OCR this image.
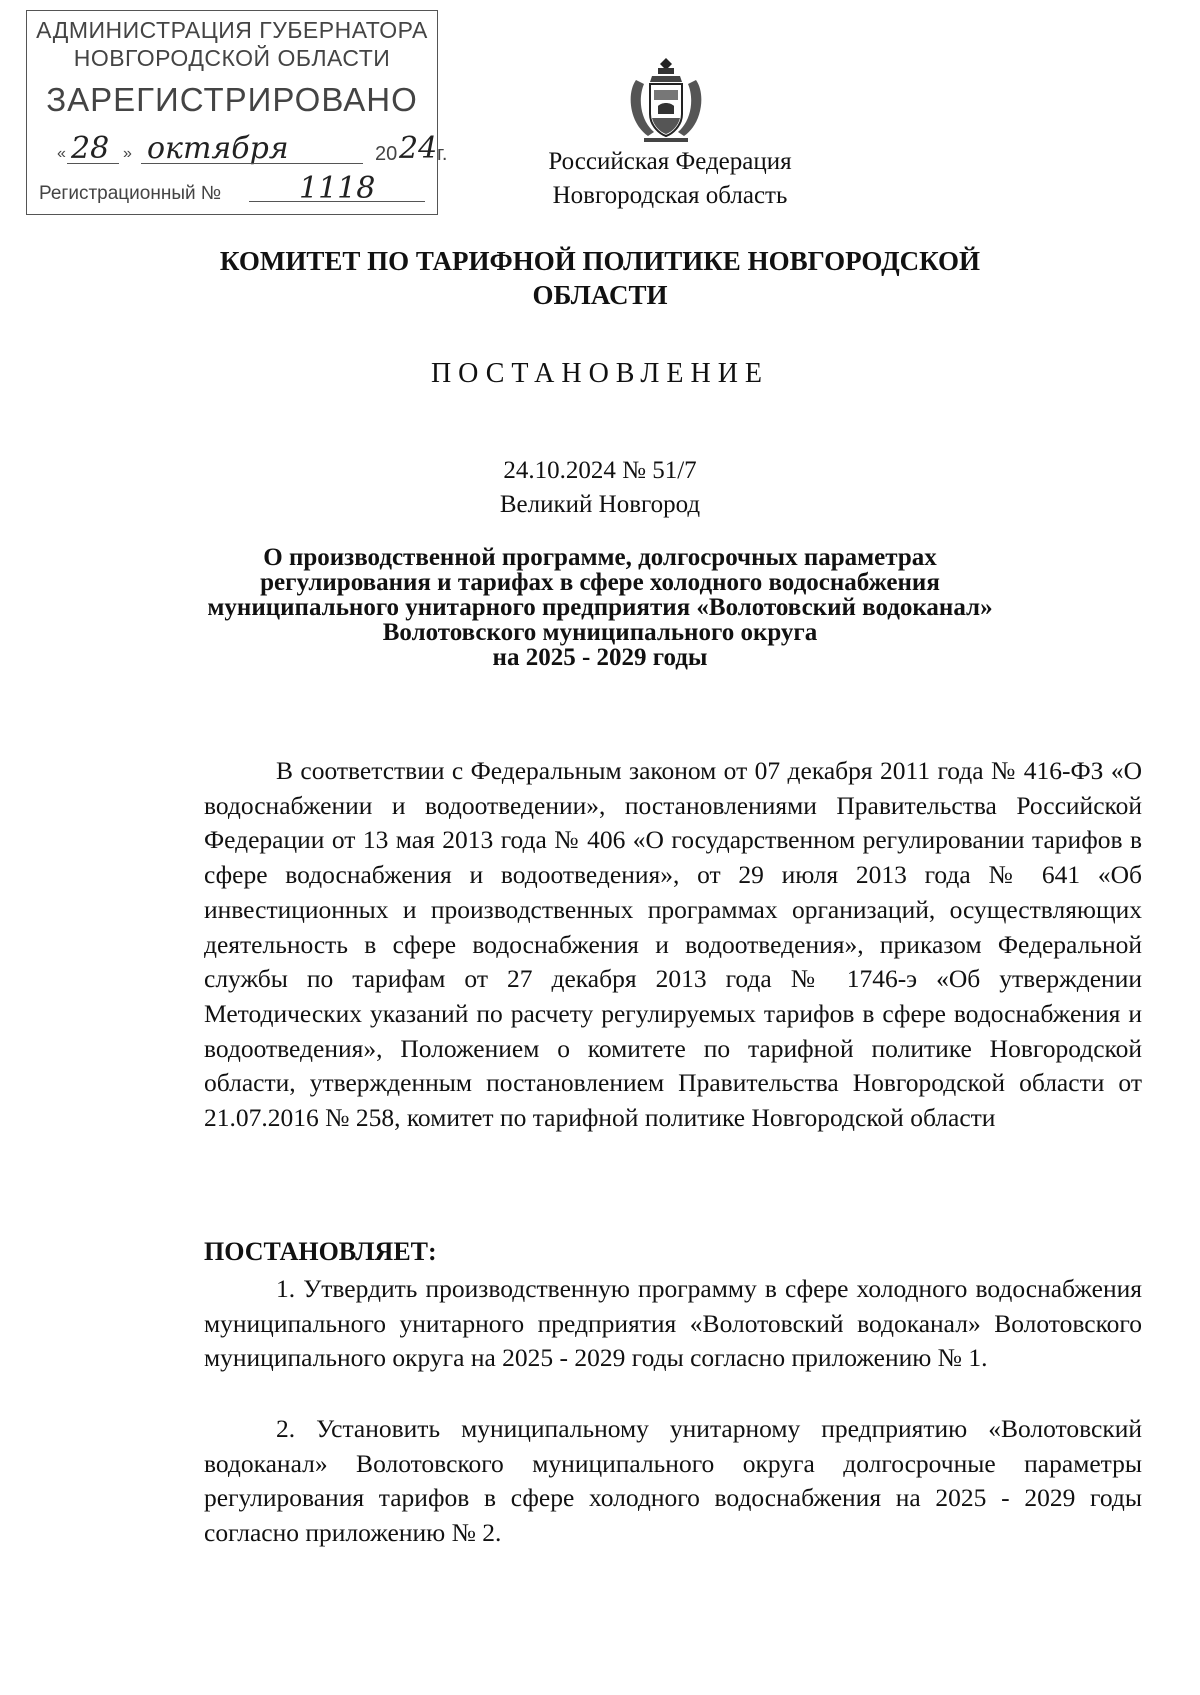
АДМИНИСТРАЦИЯ ГУБЕРНАТОРА
НОВГОРОДСКОЙ ОБЛАСТИ
ЗАРЕГИСТРИРОВАНО
« 28 » октября	20 24 г.
Регистрационный №	1118
Российская Федерация
Новгородская область
КОМИТЕТ ПО ТАРИФНОЙ ПОЛИТИКЕ НОВГОРОДСКОЙ
ОБЛАСТИ
ПОСТАНОВЛЕНИЕ
24.10.2024 № 51/7
Великий Новгород
О производственной программе, долгосрочных параметрах
регулирования и тарифах в сфере холодного водоснабжения
муниципального унитарного предприятия «Волотовский водоканал»
Волотовского муниципального округа
на 2025 - 2029 годы
В соответствии с Федеральным законом от 07 декабря 2011 года № 416-ФЗ «О водоснабжении и водоотведении», постановлениями Правительства Российской Федерации от 13 мая 2013 года № 406 «О государственном регулировании тарифов в сфере водоснабжения и водоотведения», от 29 июля 2013 года № 641 «Об инвестиционных и производственных программах организаций, осуществляющих деятельность в сфере водоснабжения и водоотведения», приказом Федеральной службы по тарифам от 27 декабря 2013 года № 1746-э «Об утверждении Методических указаний по расчету регулируемых тарифов в сфере водоснабжения и водоотведения», Положением о комитете по тарифной политике Новгородской области, утвержденным постановлением Правительства Новгородской области от 21.07.2016 № 258, комитет по тарифной политике Новгородской области
ПОСТАНОВЛЯЕТ:
1. Утвердить производственную программу в сфере холодного водоснабжения муниципального унитарного предприятия «Волотовский водоканал» Волотовского муниципального округа на 2025 - 2029 годы согласно приложению № 1.
2. Установить муниципальному унитарному предприятию «Волотовский водоканал» Волотовского муниципального округа долгосрочные параметры регулирования тарифов в сфере холодного водоснабжения на 2025 - 2029 годы согласно приложению № 2.
